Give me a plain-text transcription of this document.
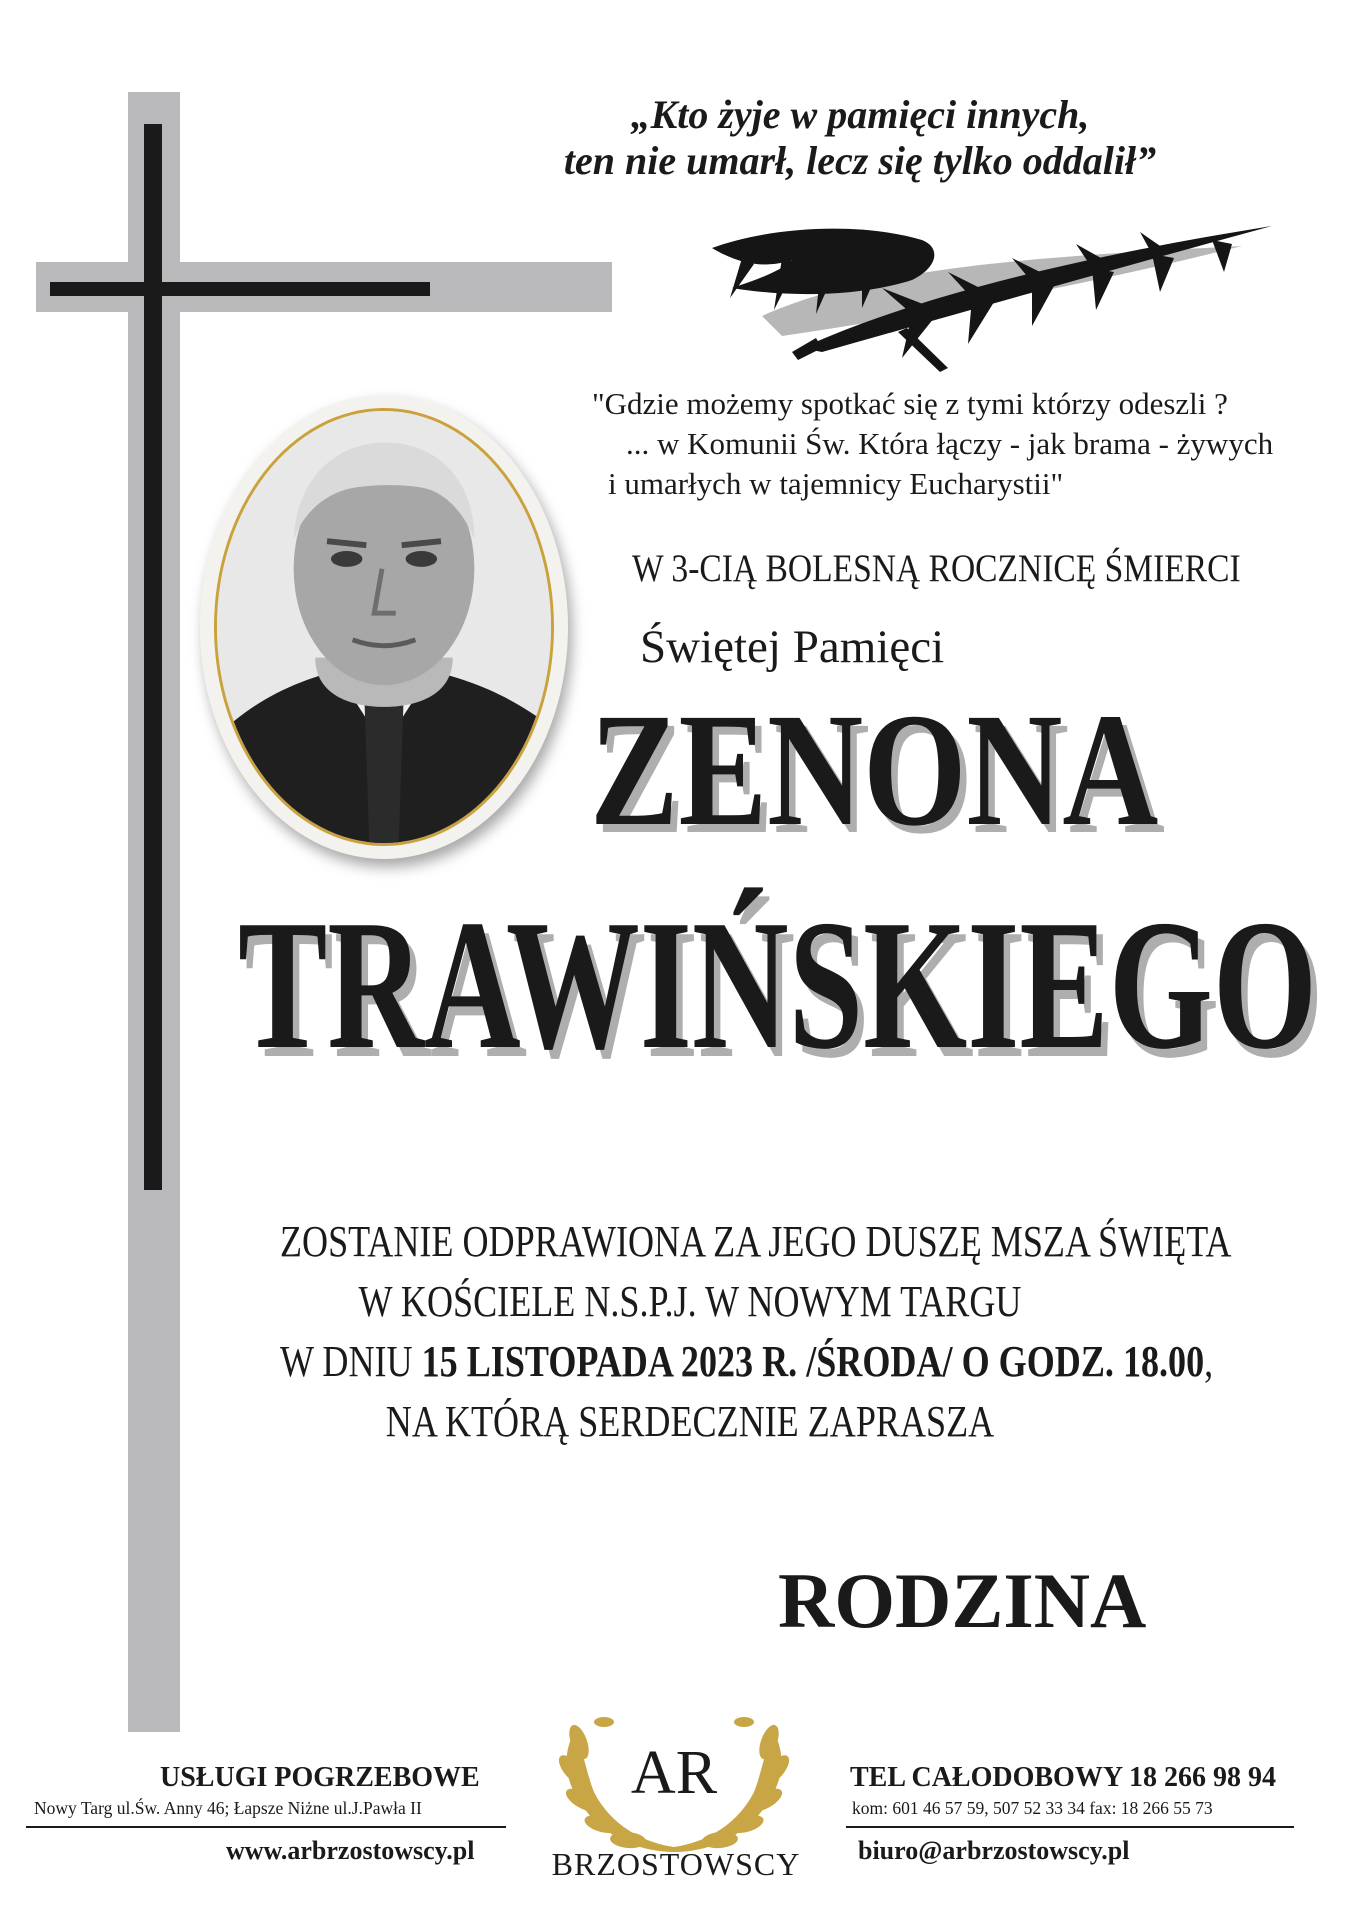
„Kto żyje w pamięci innych,
ten nie umarł, lecz się tylko oddalił”
"Gdzie możemy spotkać się z tymi którzy odeszli ?
... w Komunii Św. Która łączy - jak brama - żywych
i umarłych w tajemnicy Eucharystii"
W 3-CIĄ BOLESNĄ ROCZNICĘ ŚMIERCI
Świętej Pamięci
ZENONA
TRAWIŃSKIEGO
ZOSTANIE ODPRAWIONA ZA JEGO DUSZĘ MSZA ŚWIĘTA
W KOŚCIELE N.S.P.J. W NOWYM TARGU
W DNIU 15 LISTOPADA 2023 R. /ŚRODA/ O GODZ. 18.00,
NA KTÓRĄ SERDECZNIE ZAPRASZA
RODZINA
USŁUGI POGRZEBOWE
Nowy Targ ul.Św. Anny 46; Łapsze Niżne ul.J.Pawła II
www.arbrzostowscy.pl
AR
BRZOSTOWSCY
TEL CAŁODOBOWY 18 266 98 94
kom: 601 46 57 59, 507 52 33 34 fax: 18 266 55 73
biuro@arbrzostowscy.pl
